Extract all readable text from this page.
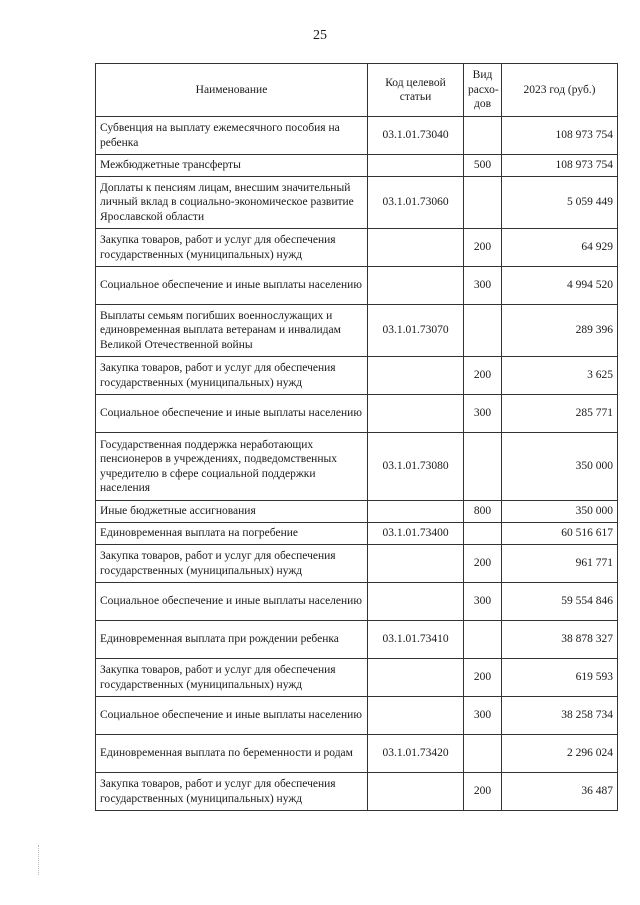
25
Наименование	Код целевой статьи	Вид расхо-дов	2023 год (руб.)
Субвенция на выплату ежемесячного пособия на ребенка	03.1.01.73040		108 973 754
Межбюджетные трансферты		500	108 973 754
Доплаты к пенсиям лицам, внесшим значительный личный вклад в социально-экономическое развитие Ярославской области	03.1.01.73060		5 059 449
Закупка товаров, работ и услуг для обеспечения государственных (муниципальных) нужд		200	64 929
Социальное обеспечение и иные выплаты населению		300	4 994 520
Выплаты семьям погибших военнослужащих и единовременная выплата ветеранам и инвалидам Великой Отечественной войны	03.1.01.73070		289 396
Закупка товаров, работ и услуг для обеспечения государственных (муниципальных) нужд		200	3 625
Социальное обеспечение и иные выплаты населению		300	285 771
Государственная поддержка неработающих пенсионеров в учреждениях, подведомственных учредителю в сфере социальной поддержки населения	03.1.01.73080		350 000
Иные бюджетные ассигнования		800	350 000
Единовременная выплата на погребение	03.1.01.73400		60 516 617
Закупка товаров, работ и услуг для обеспечения государственных (муниципальных) нужд		200	961 771
Социальное обеспечение и иные выплаты населению		300	59 554 846
Единовременная выплата при рождении ребенка	03.1.01.73410		38 878 327
Закупка товаров, работ и услуг для обеспечения государственных (муниципальных) нужд		200	619 593
Социальное обеспечение и иные выплаты населению		300	38 258 734
Единовременная выплата по беременности и родам	03.1.01.73420		2 296 024
Закупка товаров, работ и услуг для обеспечения государственных (муниципальных) нужд		200	36 487
